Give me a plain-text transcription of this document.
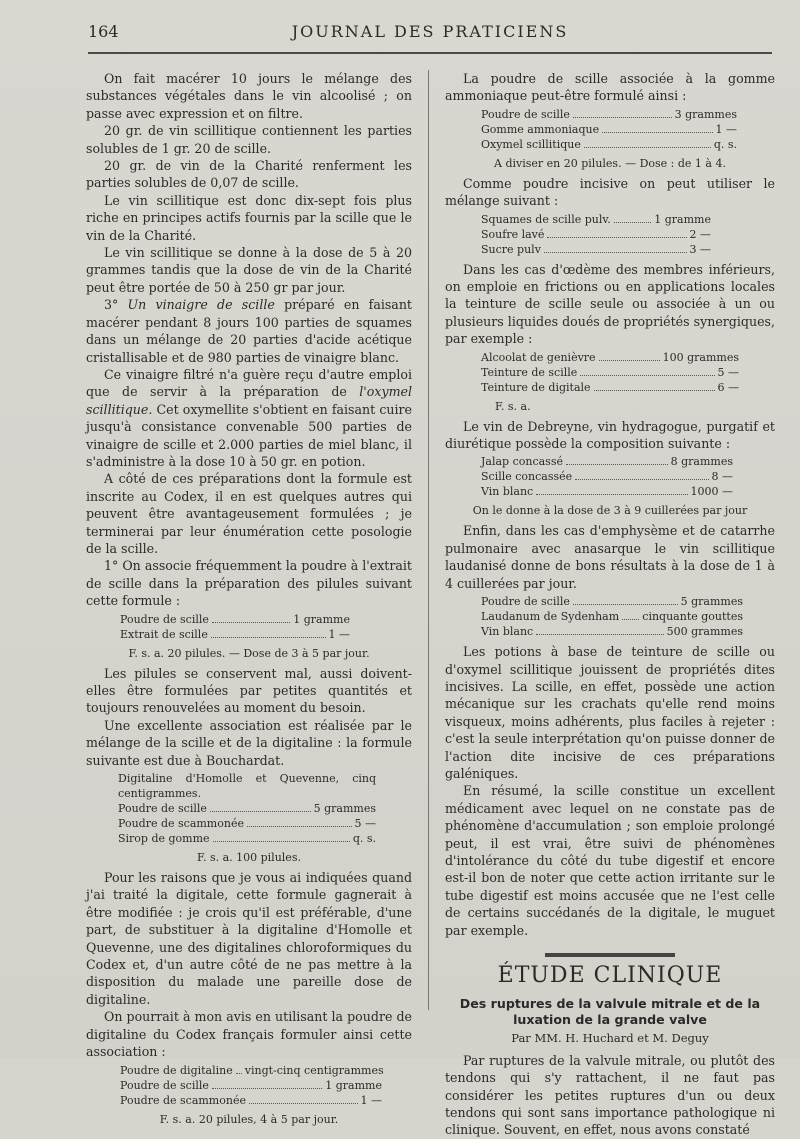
164	JOURNAL DES PRATICIENS

On fait macérer 10 jours le mélange des substances végétales dans le vin alcoolisé ; on passe avec expression et on filtre.

20 gr. de vin scillitique contiennent les parties solubles de 1 gr. 20 de scille.

20 gr. de vin de la Charité renferment les parties solubles de 0,07 de scille.

Le vin scillitique est donc dix-sept fois plus riche en principes actifs fournis par la scille que le vin de la Charité.

Le vin scillitique se donne à la dose de 5 à 20 grammes tandis que la dose de vin de la Charité peut être portée de 50 à 250 gr par jour.

3° Un vinaigre de scille préparé en faisant macérer pendant 8 jours 100 parties de squames dans un mélange de 20 parties d'acide acétique cristallisable et de 980 parties de vinaigre blanc.

Ce vinaigre filtré n'a guère reçu d'autre emploi que de servir à la préparation de l'oxymel scillitique. Cet oxymellite s'obtient en faisant cuire jusqu'à consistance convenable 500 parties de vinaigre de scille et 2.000 parties de miel blanc, il s'administre à la dose 10 à 50 gr. en potion.

A côté de ces préparations dont la formule est inscrite au Codex, il en est quelques autres qui peuvent être avantageusement formulées ; je terminerai par leur énumération cette posologie de la scille.

1° On associe fréquemment la poudre à l'extrait de scille dans la préparation des pilules suivant cette formule :

Poudre de scille	1 gramme
Extrait de scille	1 —
F. s. a. 20 pilules. — Dose de 3 à 5 par jour.

Les pilules se conservent mal, aussi doivent-elles être formulées par petites quantités et toujours renouvelées au moment du besoin.

Une excellente association est réalisée par le mélange de la scille et de la digitaline : la formule suivante est due à Bouchardat.

Digitaline d'Homolle et Quevenne, cinq centigrammes.
Poudre de scille	5 grammes
Poudre de scammonée	5 —
Sirop de gomme	q. s.
F. s. a. 100 pilules.

Pour les raisons que je vous ai indiquées quand j'ai traité la digitale, cette formule gagnerait à être modifiée : je crois qu'il est préférable, d'une part, de substituer à la digitaline d'Homolle et Quevenne, une des digitalines chloroformiques du Codex et, d'un autre côté de ne pas mettre à la disposition du malade une pareille dose de digitaline.

On pourrait à mon avis en utilisant la poudre de digitaline du Codex français formuler ainsi cette association :

Poudre de digitaline vingt-cinq centigrammes
Poudre de scille	1 gramme
Poudre de scammonée	1 —
F. s. a. 20 pilules, 4 à 5 par jour.

La poudre de scille associée à la gomme ammoniaque peut-être formulé ainsi :

Poudre de scille	3 grammes
Gomme ammoniaque	1 —
Oxymel scillitique	q. s.
A diviser en 20 pilules. — Dose : de 1 à 4.

Comme poudre incisive on peut utiliser le mélange suivant :

Squames de scille pulv.	1 gramme
Soufre lavé	2 —
Sucre pulv	3 —

Dans les cas d'œdème des membres inférieurs, on emploie en frictions ou en applications locales la teinture de scille seule ou associée à un ou plusieurs liquides doués de propriétés synergiques, par exemple :

Alcoolat de genièvre	100 grammes
Teinture de scille	5 —
Teinture de digitale	6 —
F. s. a.

Le vin de Debreyne, vin hydragogue, purgatif et diurétique possède la composition suivante :

Jalap concassé	8 grammes
Scille concassée	8 —
Vin blanc	1000 —
On le donne à la dose de 3 à 9 cuillerées par jour

Enfin, dans les cas d'emphysème et de catarrhe pulmonaire avec anasarque le vin scillitique laudanisé donne de bons résultats à la dose de 1 à 4 cuillerées par jour.

Poudre de scille	5 grammes
Laudanum de Sydenham cinquante gouttes
Vin blanc	500 grammes

Les potions à base de teinture de scille ou d'oxymel scillitique jouissent de propriétés dites incisives. La scille, en effet, possède une action mécanique sur les crachats qu'elle rend moins visqueux, moins adhérents, plus faciles à rejeter : c'est la seule interprétation qu'on puisse donner de l'action dite incisive de ces préparations galéniques.

En résumé, la scille constitue un excellent médicament avec lequel on ne constate pas de phénomène d'accumulation ; son emploie prolongé peut, il est vrai, être suivi de phénomènes d'intolérance du côté du tube digestif et encore est-il bon de noter que cette action irritante sur le tube digestif est moins accusée que ne l'est celle de certains succédanés de la digitale, le muguet par exemple.

ÉTUDE CLINIQUE
Des ruptures de la valvule mitrale et de la luxation de la grande valve
Par MM. H. Huchard et M. Deguy

Par ruptures de la valvule mitrale, ou plutôt des tendons qui s'y rattachent, il ne faut pas considérer les petites ruptures d'un ou deux tendons qui sont sans importance pathologique ni clinique. Souvent, en effet, nous avons constaté
